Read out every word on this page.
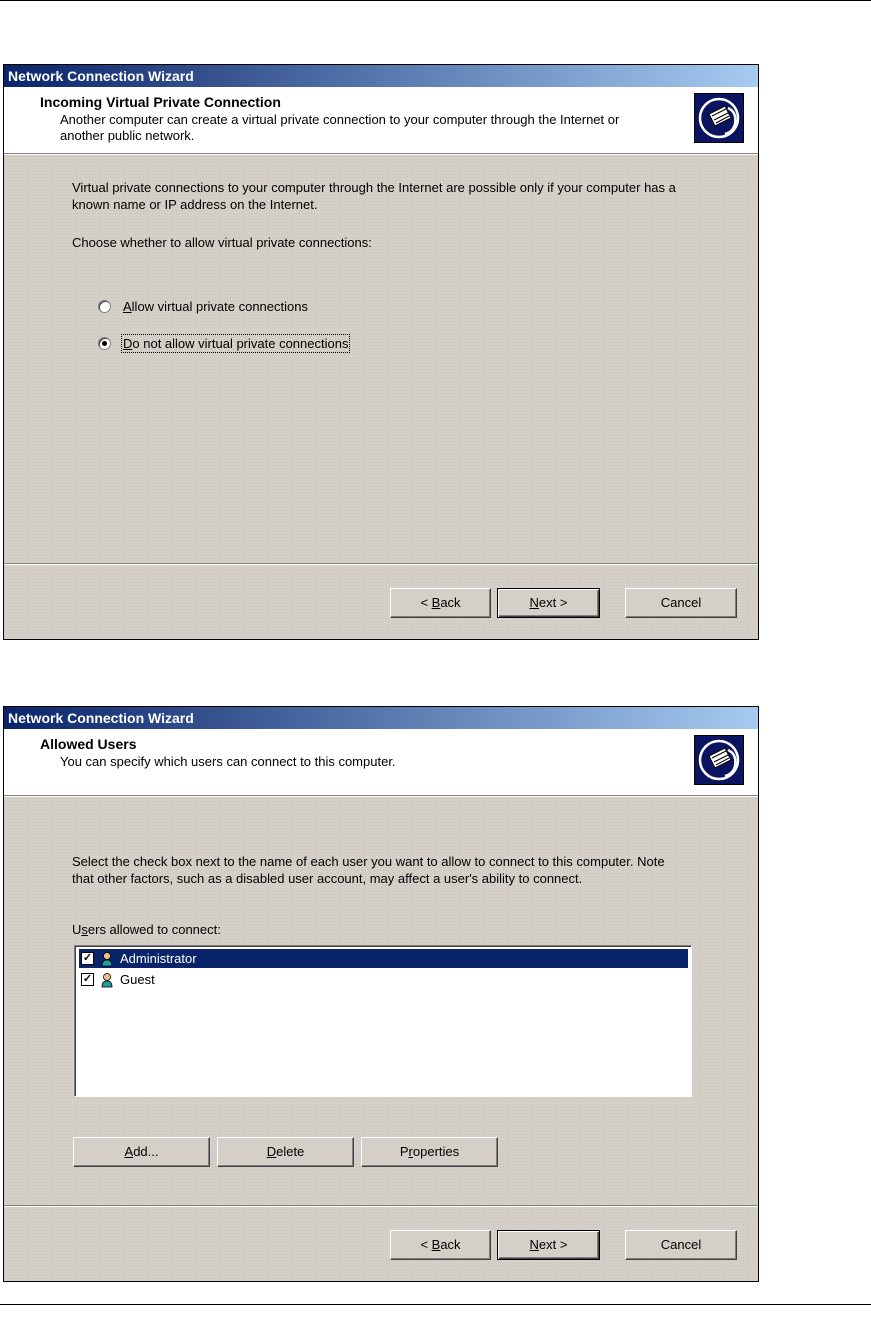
Network Connection Wizard
Incoming Virtual Private Connection
Another computer can create a virtual private connection to your computer through the Internet or another public network.
Virtual private connections to your computer through the Internet are possible only if your computer has a known name or IP address on the Internet.
Choose whether to allow virtual private connections:
Allow virtual private connections
Do not allow virtual private connections
< Back	Next >	Cancel
Network Connection Wizard
Allowed Users
You can specify which users can connect to this computer.
Select the check box next to the name of each user you want to allow to connect to this computer. Note that other factors, such as a disabled user account, may affect a user's ability to connect.
Users allowed to connect:
✓ Administrator
✓ Guest
Add...	Delete	Properties
< Back	Next >	Cancel
